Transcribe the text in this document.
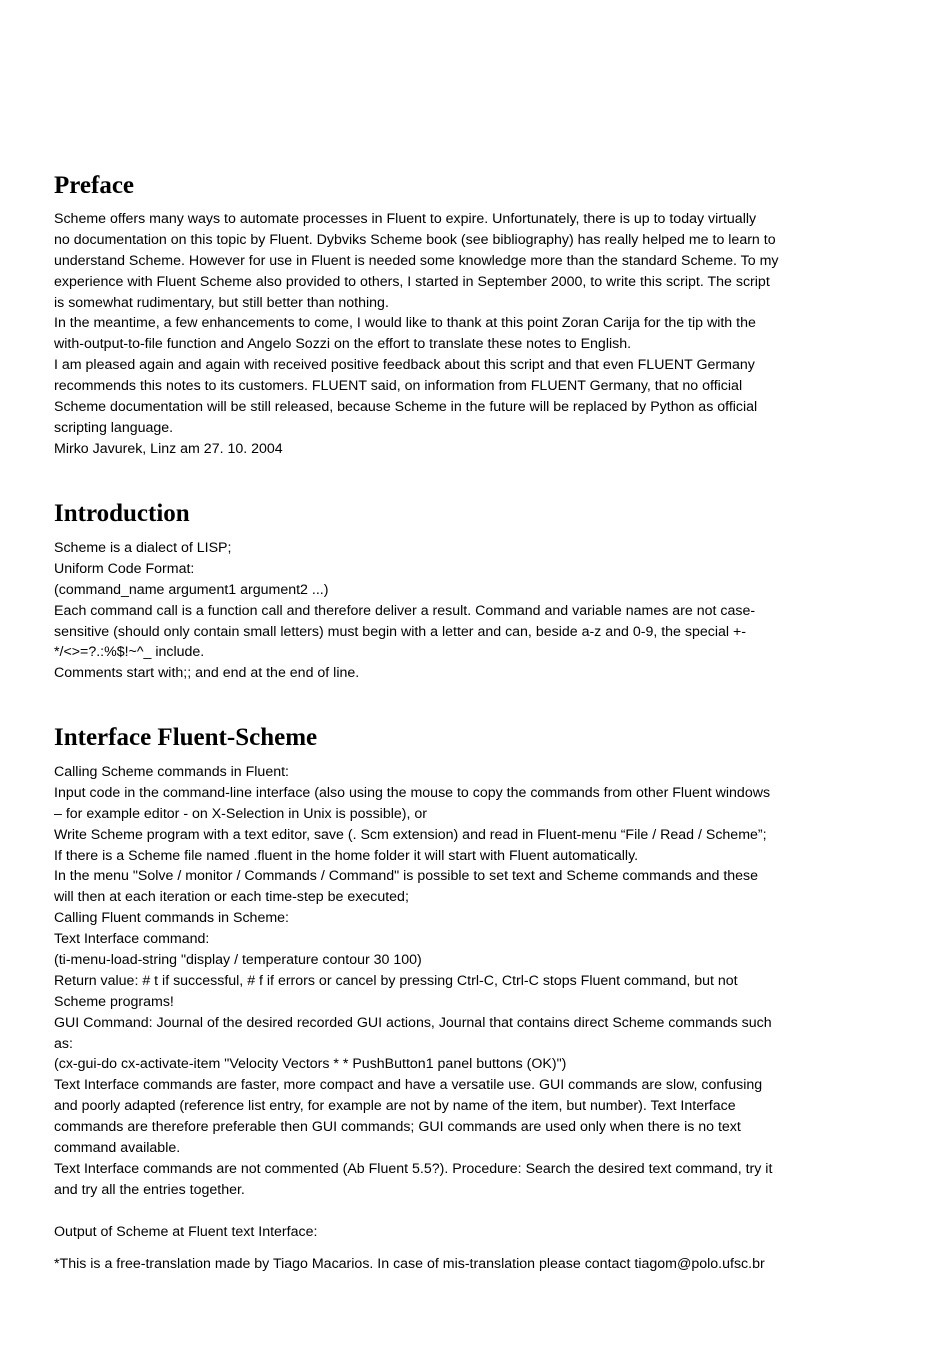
Preface
Scheme offers many ways to automate processes in Fluent to expire. Unfortunately, there is up to today virtually
no documentation on this topic by Fluent. Dybviks Scheme book (see bibliography) has really helped me to learn to
understand Scheme. However for use in Fluent is needed some knowledge more than the standard Scheme. To my
experience with Fluent Scheme also provided to others, I started in September 2000, to write this script. The script
is somewhat rudimentary, but still better than nothing.
In the meantime, a few enhancements to come, I would like to thank at this point Zoran Carija for the tip with the
with-output-to-file function and Angelo Sozzi on the effort to translate these notes to English.
I am pleased again and again with received positive feedback about this script and that even FLUENT Germany
recommends this notes to its customers. FLUENT said, on information from FLUENT Germany, that no official
Scheme documentation will be still released, because Scheme in the future will be replaced by Python as official
scripting language.
Mirko Javurek, Linz am 27. 10. 2004
Introduction
Scheme is a dialect of LISP;
Uniform Code Format:
(command_name argument1 argument2 ...)
Each command call is a function call and therefore deliver a result. Command and variable names are not case-
sensitive (should only contain small letters) must begin with a letter and can, beside a-z and 0-9, the special +-
*/<>=?.:%$!~^_ include.
Comments start with;; and end at the end of line.
Interface Fluent-Scheme
Calling Scheme commands in Fluent:
Input code in the command-line interface (also using the mouse to copy the commands from other Fluent windows
– for example editor - on X-Selection in Unix is possible), or
Write Scheme program with a text editor, save (. Scm extension) and read in Fluent-menu “File / Read / Scheme”;
If there is a Scheme file named .fluent in the home folder it will start with Fluent automatically.
In the menu "Solve / monitor / Commands / Command" is possible to set text and Scheme commands and these
will then at each iteration or each time-step be executed;
Calling Fluent commands in Scheme:
Text Interface command:
(ti-menu-load-string "display / temperature contour 30 100)
Return value: # t if successful, # f if errors or cancel by pressing Ctrl-C, Ctrl-C stops Fluent command, but not
Scheme programs!
GUI Command: Journal of the desired recorded GUI actions, Journal that contains direct Scheme commands such
as:
(cx-gui-do cx-activate-item "Velocity Vectors * * PushButton1 panel buttons (OK)")
Text Interface commands are faster, more compact and have a versatile use. GUI commands are slow, confusing
and poorly adapted (reference list entry, for example are not by name of the item, but number). Text Interface
commands are therefore preferable then GUI commands; GUI commands are used only when there is no text
command available.
Text Interface commands are not commented (Ab Fluent 5.5?). Procedure: Search the desired text command, try it
and try all the entries together.
Output of Scheme at Fluent text Interface:
*This is a free-translation made by Tiago Macarios. In case of mis-translation please contact tiagom@polo.ufsc.br
